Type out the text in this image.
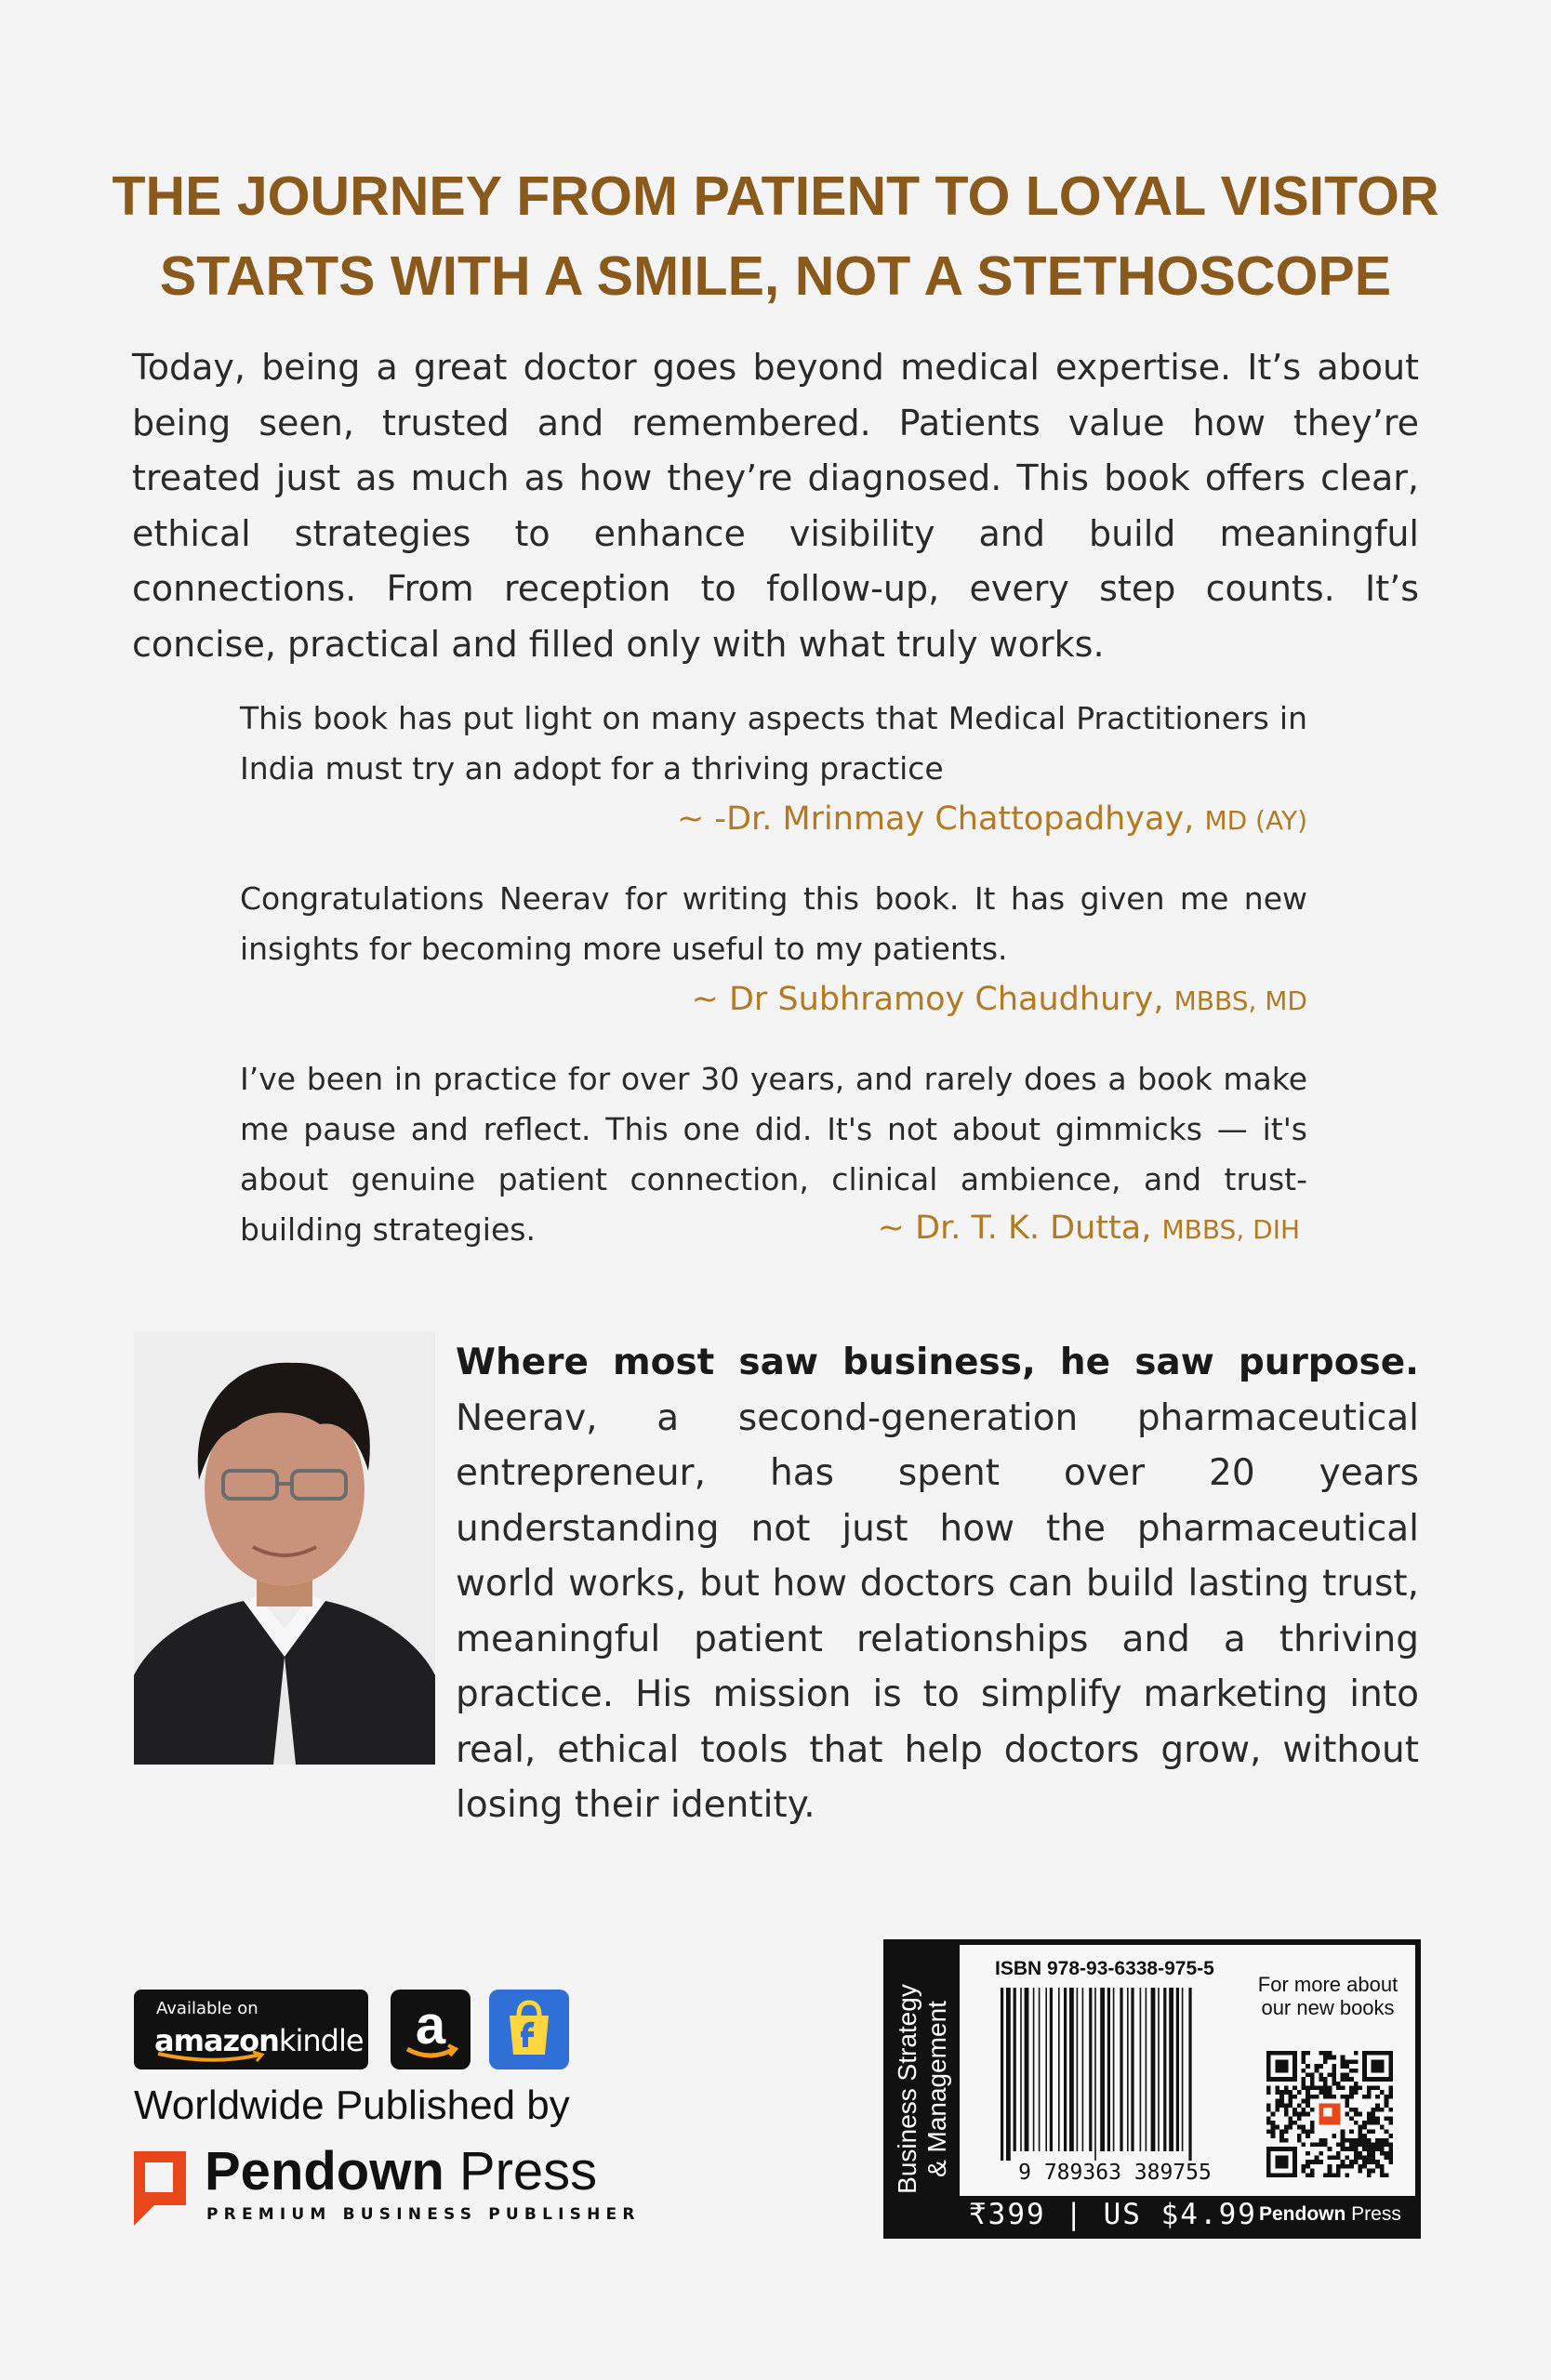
THE JOURNEY FROM PATIENT TO LOYAL VISITOR
STARTS WITH A SMILE, NOT A STETHOSCOPE
Today, being a great doctor goes beyond medical expertise. It’s about being seen, trusted and remembered. Patients value how they’re treated just as much as how they’re diagnosed. This book offers clear, ethical strategies to enhance visibility and build meaningful connections. From reception to follow-up, every step counts. It’s concise, practical and filled only with what truly works.
This book has put light on many aspects that Medical Practitioners in India must try an adopt for a thriving practice
~ -Dr. Mrinmay Chattopadhyay, MD (AY)
Congratulations Neerav for writing this book. It has given me new insights for becoming more useful to my patients.
~ Dr Subhramoy Chaudhury, MBBS, MD
I’ve been in practice for over 30 years, and rarely does a book make me pause and reflect. This one did. It's not about gimmicks — it's about genuine patient connection, clinical ambience, and trust-building strategies.	~ Dr. T. K. Dutta, MBBS, DIH
Where most saw business, he saw purpose. Neerav, a second-generation pharmaceutical entrepreneur, has spent over 20 years understanding not just how the pharmaceutical world works, but how doctors can build lasting trust, meaningful patient relationships and a thriving practice. His mission is to simplify marketing into real, ethical tools that help doctors grow, without losing their identity.
Available on
amazonkindle a
Worldwide Published by
Pendown Press
PREMIUM BUSINESS PUBLISHER
Business Strategy & Management
ISBN 978-93-6338-975-5
9 789363 389755
For more about our new books
₹399 | US $4.99 Pendown Press
